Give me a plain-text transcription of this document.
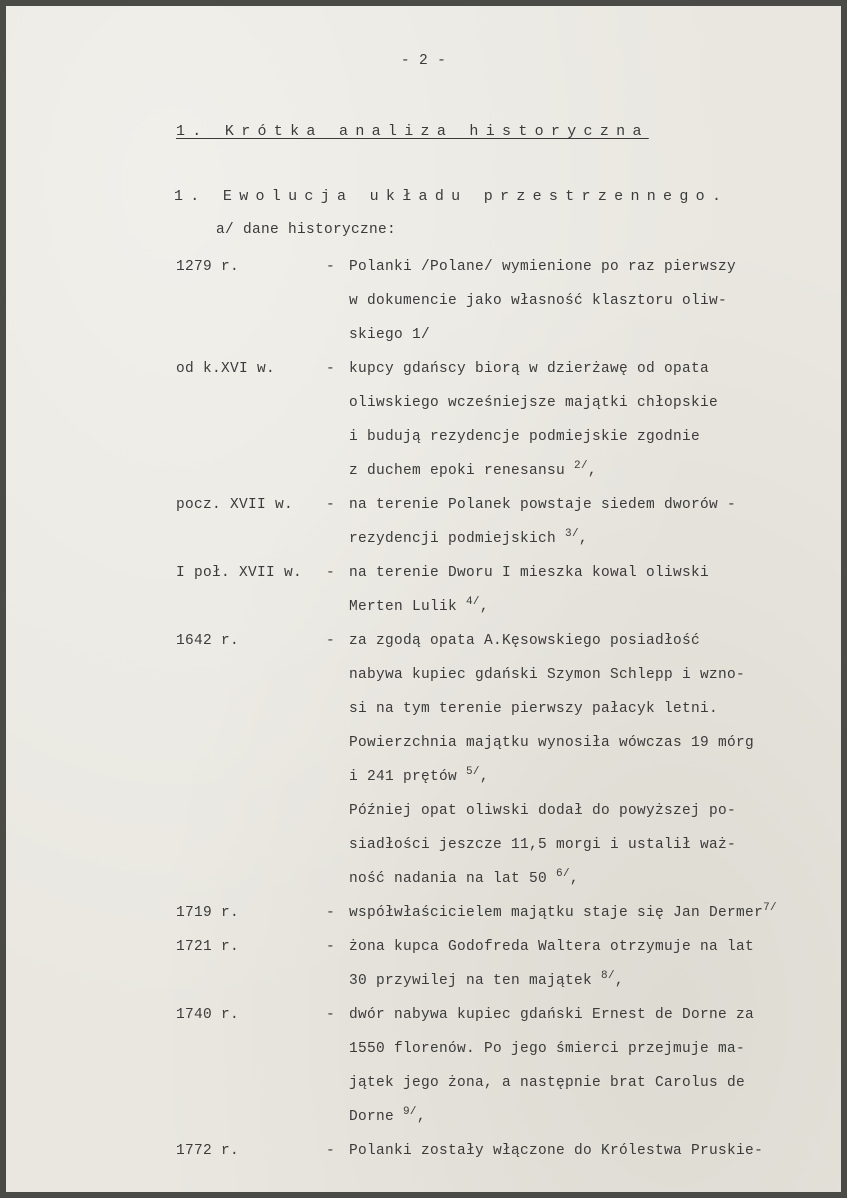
- 2 -
1. Krótka analiza historyczna
1. Ewolucja układu przestrzennego.
a/ dane historyczne:
1279 r.	- Polanki /Polane/ wymienione po raz pierwszy
w dokumencie jako własność klasztoru oliw-
skiego 1/
od k.XVI w.	- kupcy gdańscy biorą w dzierżawę od opata
oliwskiego wcześniejsze majątki chłopskie
i budują rezydencje podmiejskie zgodnie
z duchem epoki renesansu $^{2/}$,
pocz. XVII w. - na terenie Polanek powstaje siedem dworów -
rezydencji podmiejskich $^{3/}$,
I poł. XVII w. - na terenie Dworu I mieszka kowal oliwski
Merten Lulik $^{4/}$,
1642 r.	- za zgodą opata A.Kęsowskiego posiadłość
nabywa kupiec gdański Szymon Schlepp i wzno-
si na tym terenie pierwszy pałacyk letni.
Powierzchnia majątku wynosiła wówczas 19 mórg
i 241 prętów $^{5/}$,
Później opat oliwski dodał do powyższej po-
siadłości jeszcze 11,5 morgi i ustalił waż-
ność nadania na lat 50 $^{6/}$,
1719 r.	- współwłaścicielem majątku staje się Jan Dermer$^{7/}$
1721 r.	- żona kupca Godofreda Waltera otrzymuje na lat
30 przywilej na ten majątek $^{8/}$,
1740 r.	- dwór nabywa kupiec gdański Ernest de Dorne za
1550 florenów. Po jego śmierci przejmuje ma-
jątek jego żona, a następnie brat Carolus de
Dorne $^{9/}$,
1772 r.	- Polanki zostały włączone do Królestwa Pruskie-
